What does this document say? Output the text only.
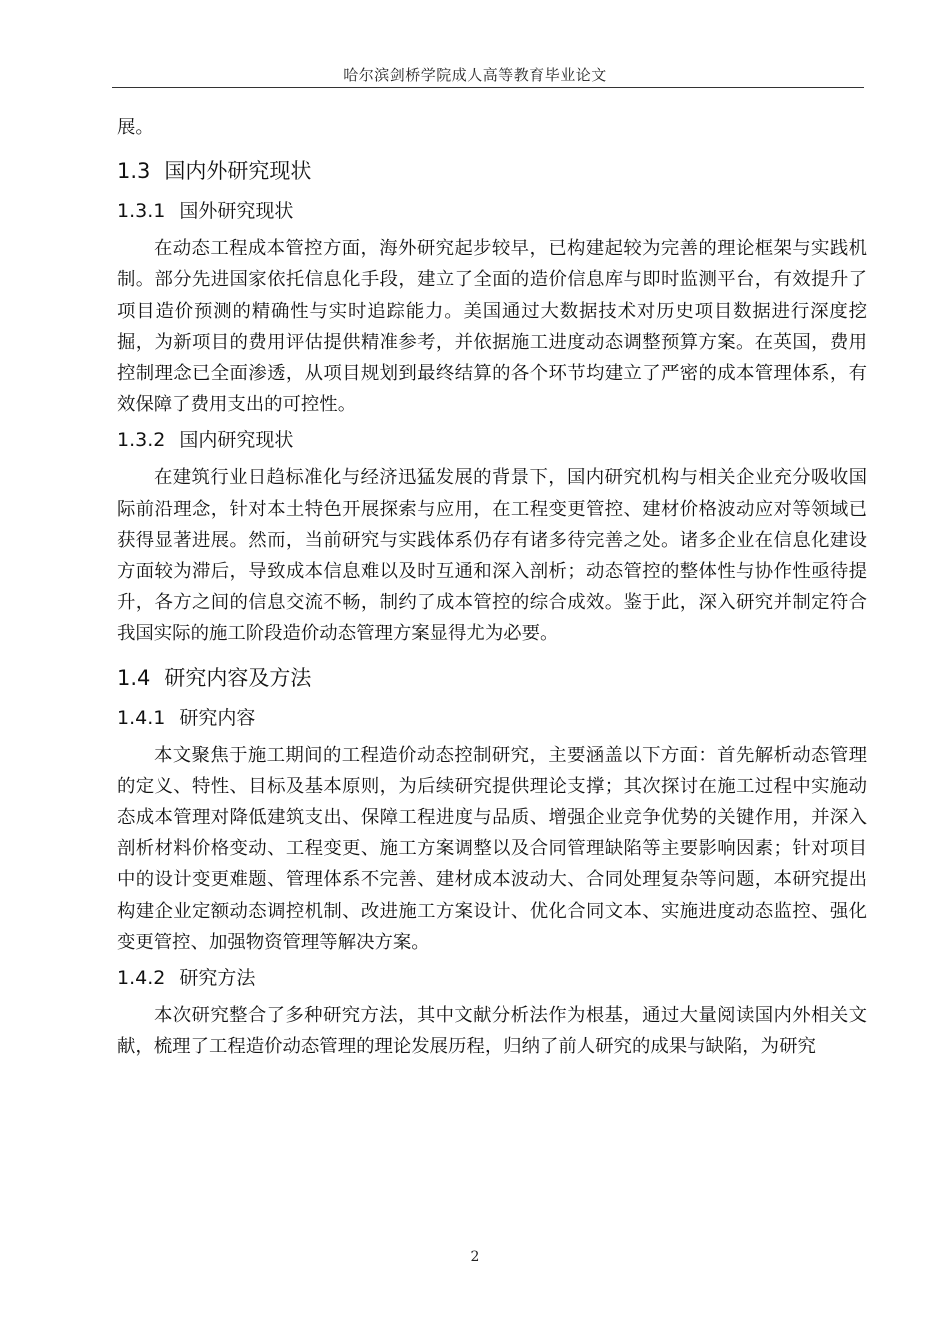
哈尔滨剑桥学院成人高等教育毕业论文

展。

1.3 国内外研究现状
1.3.1 国外研究现状

在动态工程成本管控方面，海外研究起步较早，已构建起较为完善的理论框架与实践机制。部分先进国家依托信息化手段，建立了全面的造价信息库与即时监测平台，有效提升了项目造价预测的精确性与实时追踪能力。美国通过大数据技术对历史项目数据进行深度挖掘，为新项目的费用评估提供精准参考，并依据施工进度动态调整预算方案。在英国，费用控制理念已全面渗透，从项目规划到最终结算的各个环节均建立了严密的成本管理体系，有效保障了费用支出的可控性。

1.3.2 国内研究现状

在建筑行业日趋标准化与经济迅猛发展的背景下，国内研究机构与相关企业充分吸收国际前沿理念，针对本土特色开展探索与应用，在工程变更管控、建材价格波动应对等领域已获得显著进展。然而，当前研究与实践体系仍存有诸多待完善之处。诸多企业在信息化建设方面较为滞后，导致成本信息难以及时互通和深入剖析；动态管控的整体性与协作性亟待提升，各方之间的信息交流不畅，制约了成本管控的综合成效。鉴于此，深入研究并制定符合我国实际的施工阶段造价动态管理方案显得尤为必要。

1.4 研究内容及方法
1.4.1 研究内容

本文聚焦于施工期间的工程造价动态控制研究，主要涵盖以下方面：首先解析动态管理的定义、特性、目标及基本原则，为后续研究提供理论支撑；其次探讨在施工过程中实施动态成本管理对降低建筑支出、保障工程进度与品质、增强企业竞争优势的关键作用，并深入剖析材料价格变动、工程变更、施工方案调整以及合同管理缺陷等主要影响因素；针对项目中的设计变更难题、管理体系不完善、建材成本波动大、合同处理复杂等问题，本研究提出构建企业定额动态调控机制、改进施工方案设计、优化合同文本、实施进度动态监控、强化变更管控、加强物资管理等解决方案。

1.4.2 研究方法

本次研究整合了多种研究方法，其中文献分析法作为根基，通过大量阅读国内外相关文献，梳理了工程造价动态管理的理论发展历程，归纳了前人研究的成果与缺陷，为研究

2
